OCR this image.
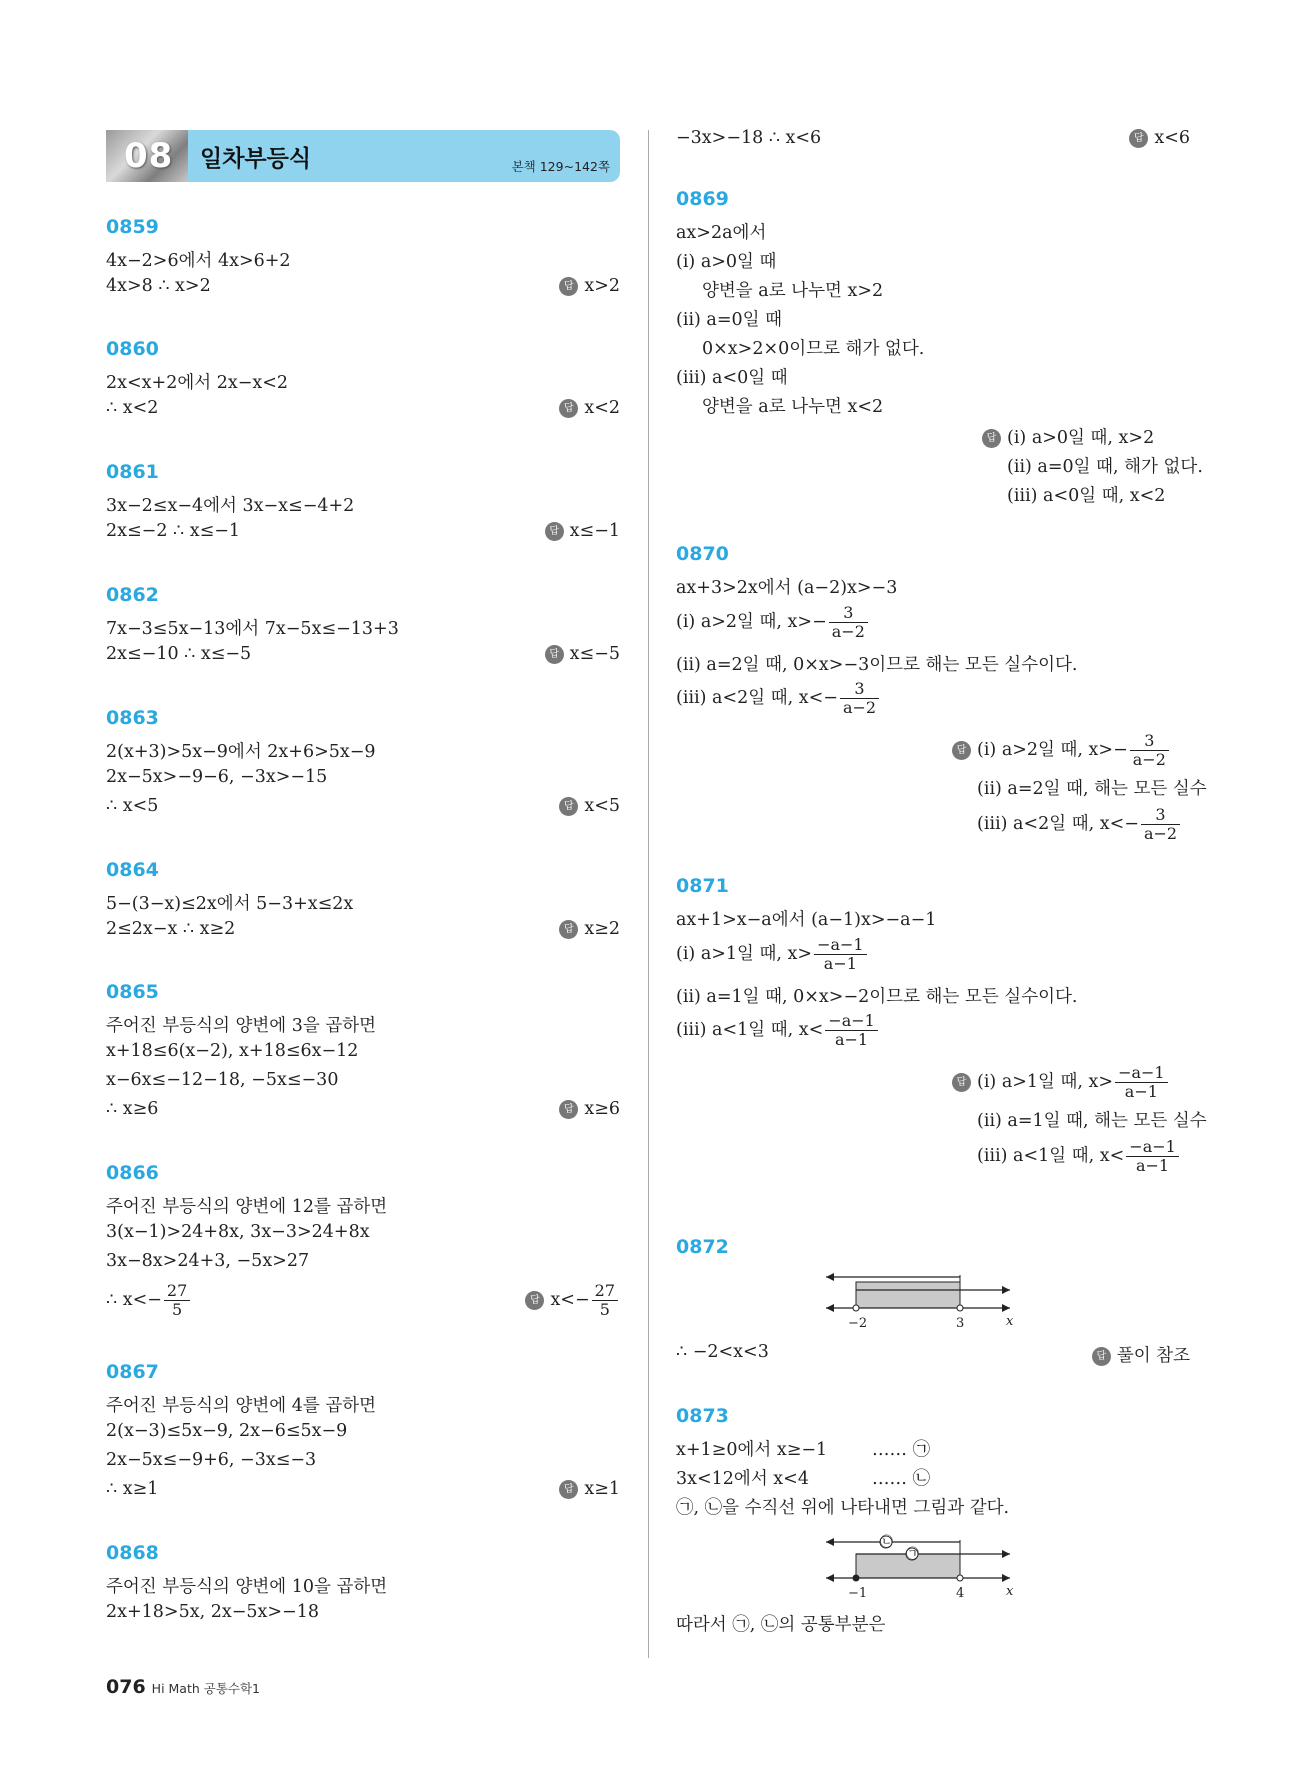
08 일차부등식	본책 129~142쪽
0859
4x−2>6에서 4x>6+2
4x>8 ∴ x>2	답 x>2
0860
2x<x+2에서 2x−x<2
∴ x<2	답 x<2
0861
3x−2≤x−4에서 3x−x≤−4+2
2x≤−2 ∴ x≤−1	답 x≤−1
0862
7x−3≤5x−13에서 7x−5x≤−13+3
2x≤−10 ∴ x≤−5	답 x≤−5
0863
2(x+3)>5x−9에서 2x+6>5x−9
2x−5x>−9−6, −3x>−15
∴ x<5	답 x<5
0864
5−(3−x)≤2x에서 5−3+x≤2x
2≤2x−x ∴ x≥2	답 x≥2
0865
주어진 부등식의 양변에 3을 곱하면
x+18≤6(x−2), x+18≤6x−12
x−6x≤−12−18, −5x≤−30
∴ x≥6	답 x≥6
0866
주어진 부등식의 양변에 12를 곱하면
3(x−1)>24+8x, 3x−3>24+8x
3x−8x>24+3, −5x>27
∴ $x<- \frac{27}{5}$	답 $x<- \frac{27}{5}$
0867
주어진 부등식의 양변에 4를 곱하면
2(x−3)≤5x−9, 2x−6≤5x−9
2x−5x≤−9+6, −3x≤−3
∴ x≥1	답 x≥1
0868
주어진 부등식의 양변에 10을 곱하면
2x+18>5x, 2x−5x>−18
−3x>−18 ∴ x<6	답 x<6
0869
ax>2a에서
(ⅰ) a>0일 때
양변을 a로 나누면 x>2
(ⅱ) a=0일 때
0×x>2×0이므로 해가 없다.
(ⅲ) a<0일 때
양변을 a로 나누면 x<2
답 (ⅰ) a>0일 때, x>2
(ⅱ) a=0일 때, 해가 없다.
(ⅲ) a<0일 때, x<2
0870
ax+3>2x에서 (a−2)x>−3
(ⅰ) a>2일 때, $x>- \frac{3}{a-2}$
(ⅱ) a=2일 때, 0×x>−3이므로 해는 모든 실수이다.
(ⅲ) a<2일 때, $x<- \frac{3}{a-2}$
답 (ⅰ) a>2일 때, $x>- \frac{3}{a-2}$
(ⅱ) a=2일 때, 해는 모든 실수
(ⅲ) a<2일 때, $x<- \frac{3}{a-2}$
0871
ax+1>x−a에서 (a−1)x>−a−1
(ⅰ) a>1일 때, $x> \frac{-a-1}{a-1}$
(ⅱ) a=1일 때, 0×x>−2이므로 해는 모든 실수이다.
(ⅲ) a<1일 때, $x< \frac{-a-1}{a-1}$
답 (ⅰ) a>1일 때, $x> \frac{-a-1}{a-1}$
(ⅱ) a=1일 때, 해는 모든 실수
(ⅲ) a<1일 때, $x< \frac{-a-1}{a-1}$
0872
−2	3	x
∴ −2<x<3	답 풀이 참조
0873
x+1≥0에서 x≥−1	…… ㉠
3x<12에서 x<4	…… ㉡
㉠, ㉡을 수직선 위에 나타내면 그림과 같다.
㉡
㉠
−1	4	x
따라서 ㉠, ㉡의 공통부분은
076 Hi Math 공통수학1
